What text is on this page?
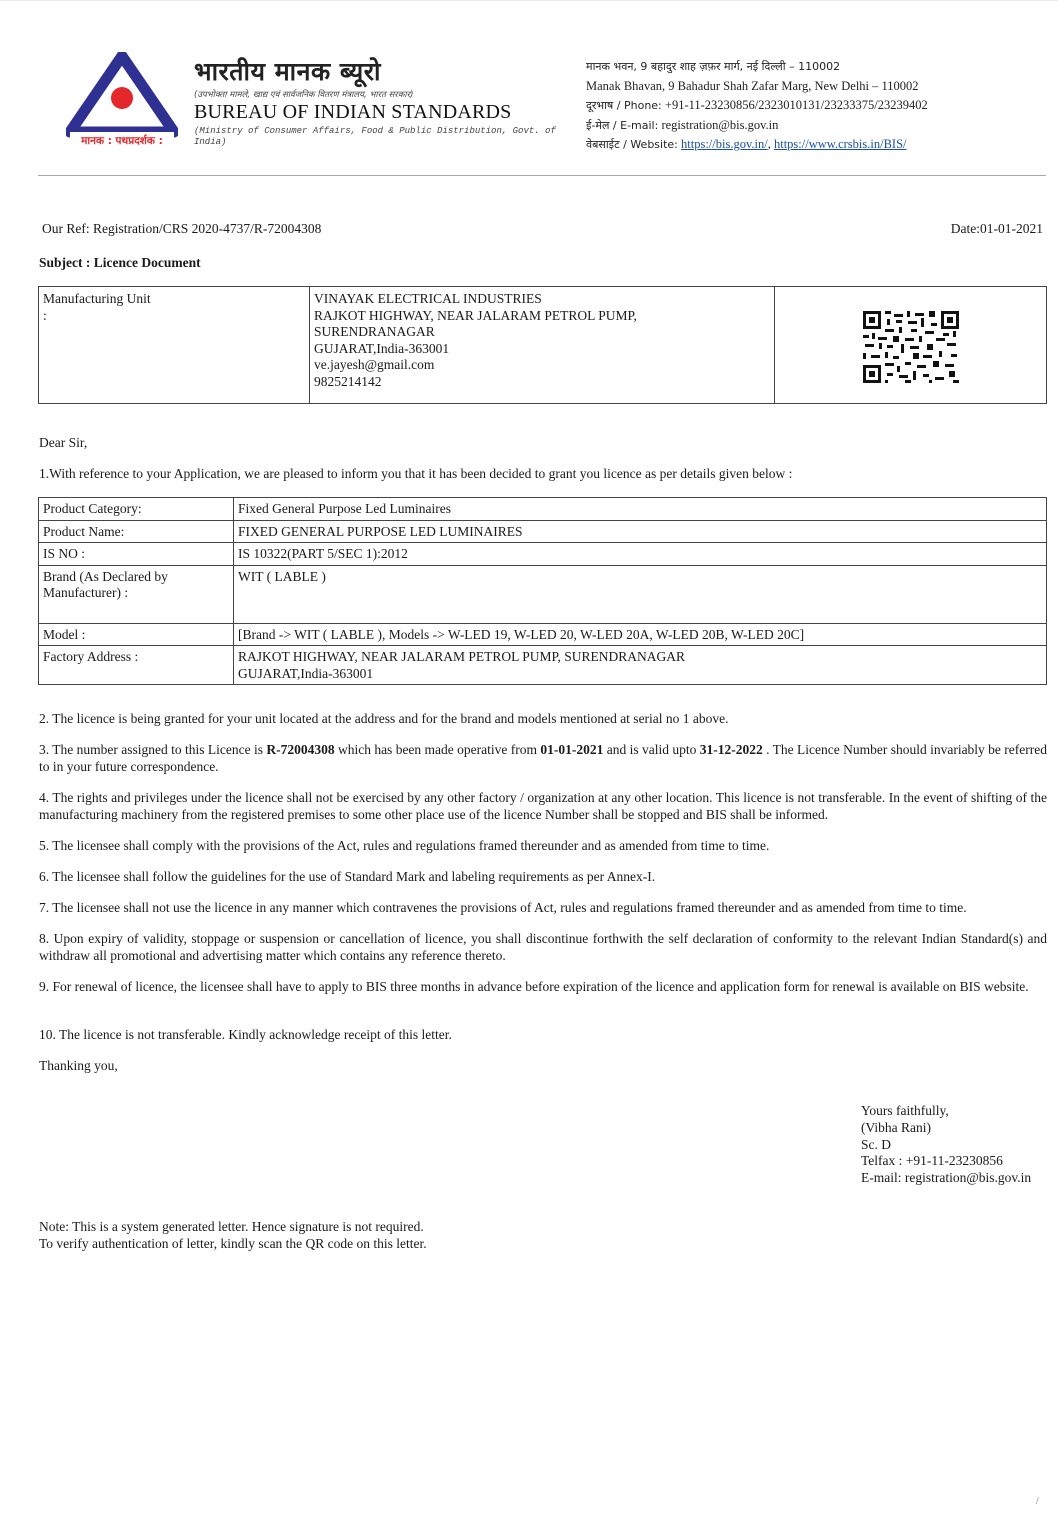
मानक : पथप्रदर्शक :
भारतीय मानक ब्यूरो
(उपभोक्ता मामले, खाद्य एवं सार्वजनिक वितरण मंत्रालय, भारत सरकार)
BUREAU OF INDIAN STANDARDS
(Ministry of Consumer Affairs, Food & Public Distribution, Govt. of India)
मानक भवन, 9 बहादुर शाह ज़फ़र मार्ग, नई दिल्ली – 110002
Manak Bhavan, 9 Bahadur Shah Zafar Marg, New Delhi – 110002
दूरभाष / Phone: +91-11-23230856/2323010131/23233375/23239402
ई-मेल / E-mail: registration@bis.gov.in
वेबसाईट / Website: https://bis.gov.in/, https://www.crsbis.in/BIS/
Our Ref: Registration/CRS 2020-4737/R-72004308	Date:01-01-2021
Subject : Licence Document
Manufacturing Unit :

VINAYAK ELECTRICAL INDUSTRIES
RAJKOT HIGHWAY, NEAR JALARAM PETROL PUMP,
SURENDRANAGAR
GUJARAT,India-363001
ve.jayesh@gmail.com
9825214142

Dear Sir,
1.With reference to your Application, we are pleased to inform you that it has been decided to grant you licence as per details given below :
Product Category:	Fixed General Purpose Led Luminaires
Product Name:	FIXED GENERAL PURPOSE LED LUMINAIRES
IS NO :	IS 10322(PART 5/SEC 1):2012
Brand (As Declared by Manufacturer) :	WIT ( LABLE )
Model :	[Brand -> WIT ( LABLE ), Models -> W-LED 19, W-LED 20, W-LED 20A, W-LED 20B, W-LED 20C]
Factory Address :	RAJKOT HIGHWAY, NEAR JALARAM PETROL PUMP, SURENDRANAGAR GUJARAT,India-363001
2. The licence is being granted for your unit located at the address and for the brand and models mentioned at serial no 1 above.
3. The number assigned to this Licence is R-72004308 which has been made operative from 01-01-2021 and is valid upto 31-12-2022 . The Licence Number should invariably be referred to in your future correspondence.
4. The rights and privileges under the licence shall not be exercised by any other factory / organization at any other location. This licence is not transferable. In the event of shifting of the manufacturing machinery from the registered premises to some other place use of the licence Number shall be stopped and BIS shall be informed.
5. The licensee shall comply with the provisions of the Act, rules and regulations framed thereunder and as amended from time to time.
6. The licensee shall follow the guidelines for the use of Standard Mark and labeling requirements as per Annex-I.
7. The licensee shall not use the licence in any manner which contravenes the provisions of Act, rules and regulations framed thereunder and as amended from time to time.
8. Upon expiry of validity, stoppage or suspension or cancellation of licence, you shall discontinue forthwith the self declaration of conformity to the relevant Indian Standard(s) and withdraw all promotional and advertising matter which contains any reference thereto.
9. For renewal of licence, the licensee shall have to apply to BIS three months in advance before expiration of the licence and application form for renewal is available on BIS website.
10. The licence is not transferable. Kindly acknowledge receipt of this letter.
Thanking you,
Yours faithfully,
(Vibha Rani)
Sc. D
Telfax : +91-11-23230856
E-mail: registration@bis.gov.in
Note: This is a system generated letter. Hence signature is not required.
To verify authentication of letter, kindly scan the QR code on this letter.
/
